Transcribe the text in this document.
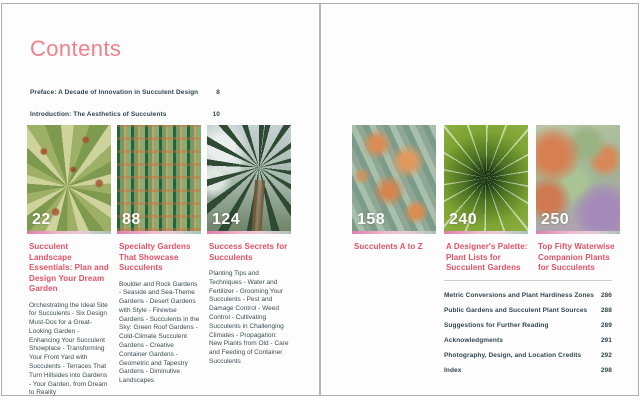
Contents
Preface: A Decade of Innovation in Succulent Design	8
Introduction: The Aesthetics of Succulents	10
22
Succulent Landscape Essentials: Plan and Design Your Dream Garden

Orchestrating the Ideal Site for Succulents - Six Design Must-Dos for a Great-Looking Garden - Enhancing Your Succulent Showplace - Transforming Your Front Yard with Succulents - Terraces That Turn Hillsides into Gardens - Your Garden, from Dream to Reality

88
Specialty Gardens That Showcase Succulents

Boulder and Rock Gardens - Seaside and Sea-Theme Gardens - Desert Gardens with Style - Firewise Gardens - Succulents in the Sky: Green Roof Gardens - Cold-Climate Succulent Gardens - Creative Container Gardens - Geometric and Tapestry Gardens - Diminutive Landscapes

124
Success Secrets for Succulents

Planting Tips and Techniques - Water and Fertilizer - Grooming Your Succulents - Pest and Damage Control - Weed Control - Cultivating Succulents in Challenging Climates - Propagation: New Plants from Old - Care and Feeding of Container Succulents

158
Succulents A to Z
240
A Designer's Palette: Plant Lists for Succulent Gardens
250
Top Fifty Waterwise Companion Plants for Succulents
Metric Conversions and Plant Hardiness Zones 286
Public Gardens and Succulent Plant Sources 288
Suggestions for Further Reading	289
Acknowledgments	291
Photography, Design, and Location Credits	292
Index	298
